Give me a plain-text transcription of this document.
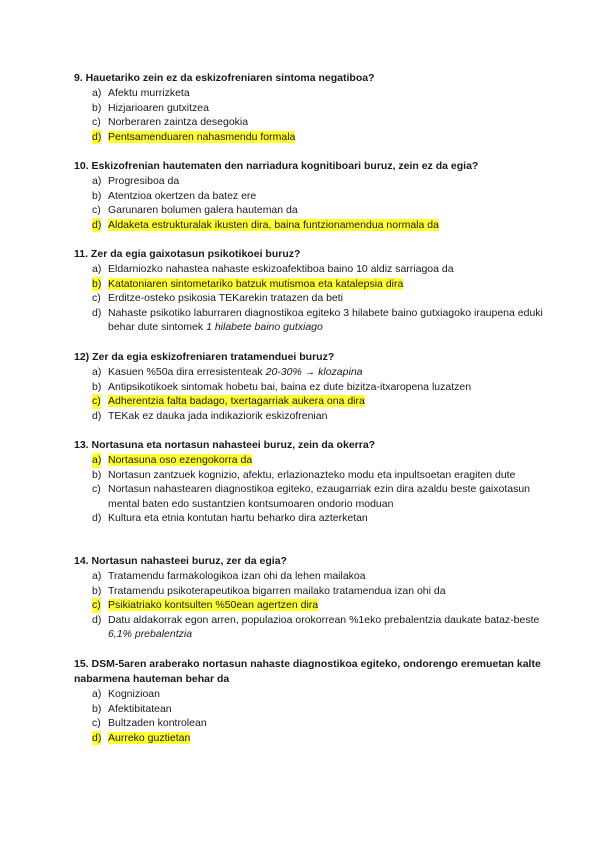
9. Hauetariko zein ez da eskizofreniaren sintoma negatiboa?

a) Afektu murrizketa
b) Hizjarioaren gutxitzea
c) Norberaren zaintza desegokia
d) Pentsamenduaren nahasmendu formala

10. Eskizofrenian hautematen den narriadura kognitiboari buruz, zein ez da egia?

a) Progresiboa da
b) Atentzioa okertzen da batez ere
c) Garunaren bolumen galera hauteman da
d) Aldaketa estrukturalak ikusten dira, baina funtzionamendua normala da

11. Zer da egia gaixotasun psikotikoei buruz?

a) Eldarniozko nahastea nahaste eskizoafektiboa baino 10 aldiz sarriagoa da
b) Katatoniaren sintometariko batzuk mutismoa eta katalepsia dira
c) Erditze-osteko psikosia TEKarekin tratazen da beti
d) Nahaste psikotiko laburraren diagnostikoa egiteko 3 hilabete baino gutxiagoko iraupena eduki behar dute sintomek 1 hilabete baino gutxiago

12) Zer da egia eskizofreniaren tratamenduei buruz?

a) Kasuen %50a dira erresistenteak 20-30% → klozapina
b) Antipsikotikoek sintomak hobetu bai, baina ez dute bizitza-itxaropena luzatzen
c) Adherentzia falta badago, txertagarriak aukera ona dira
d) TEKak ez dauka jada indikaziorik eskizofrenian

13. Nortasuna eta nortasun nahasteei buruz, zein da okerra?

a) Nortasuna oso ezengokorra da
b) Nortasun zantzuek kognizio, afektu, erlazionazteko modu eta inpultsoetan eragiten dute
c) Nortasun nahastearen diagnostikoa egiteko, ezaugarriak ezin dira azaldu beste gaixotasun mental baten edo sustantzien kontsumoaren ondorio moduan
d) Kultura eta etnia kontutan hartu beharko dira azterketan

14. Nortasun nahasteei buruz, zer da egia?

a) Tratamendu farmakologikoa izan ohi da lehen mailakoa
b) Tratamendu psikoterapeutikoa bigarren mailako tratamendua izan ohi da
c) Psikiatriako kontsulten %50ean agertzen dira
d) Datu aldakorrak egon arren, populazioa orokorrean %1eko prebalentzia daukate bataz-beste 6,1% prebalentzia

15. DSM-5aren araberako nortasun nahaste diagnostikoa egiteko, ondorengo eremuetan kalte nabarmena hauteman behar da

a) Kognizioan
b) Afektibitatean
c) Bultzaden kontrolean
d) Aurreko guztietan
